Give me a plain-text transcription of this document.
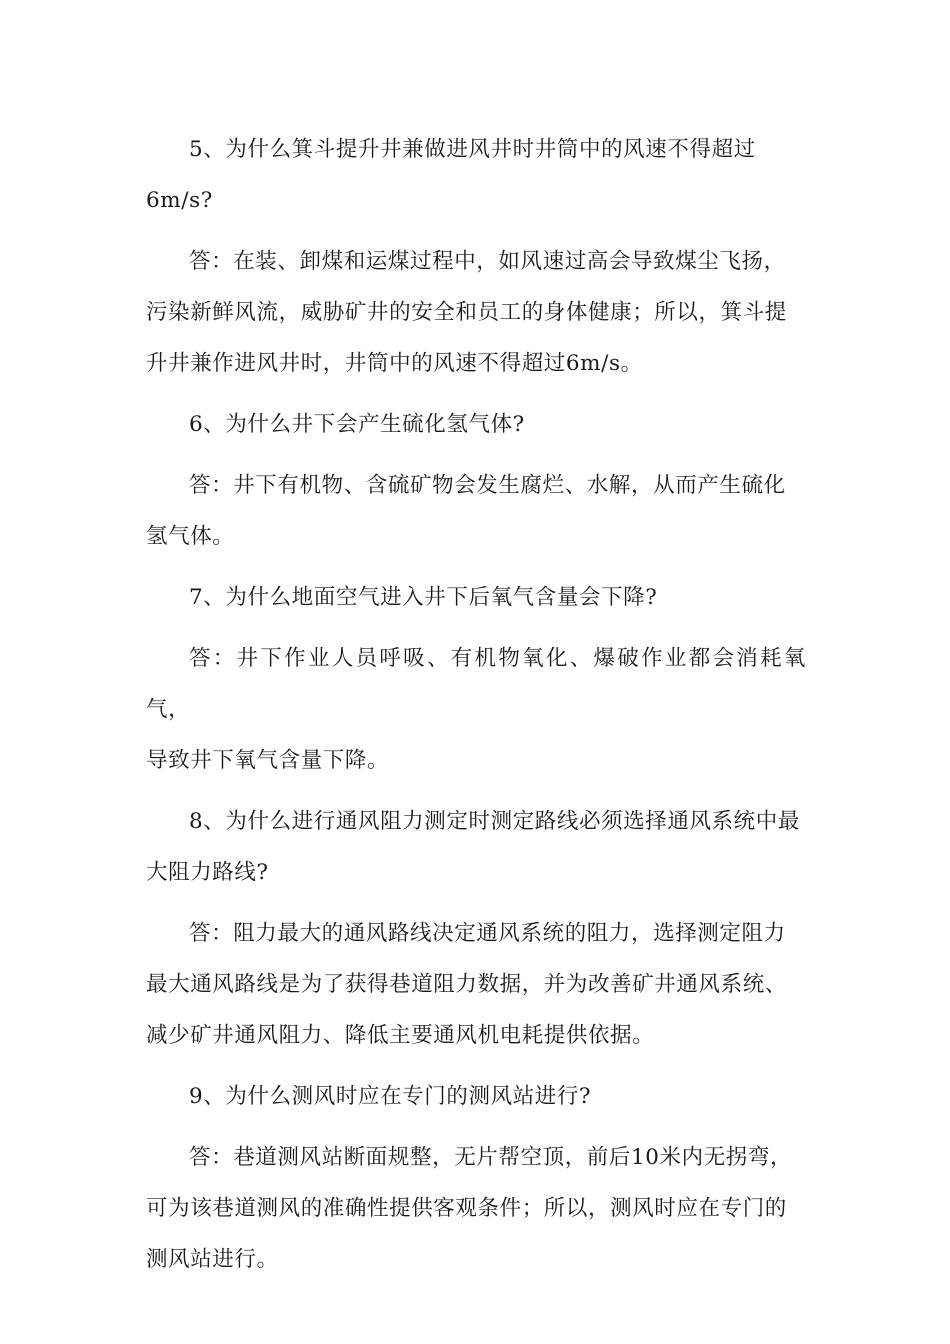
5、为什么箕斗提升井兼做进风井时井筒中的风速不得超过
6m/s?
答：在装、卸煤和运煤过程中，如风速过高会导致煤尘飞扬，
污染新鲜风流，威胁矿井的安全和员工的身体健康；所以，箕斗提
升井兼作进风井时，井筒中的风速不得超过6m/s。
6、为什么井下会产生硫化氢气体?
答：井下有机物、含硫矿物会发生腐烂、水解，从而产生硫化
氢气体。
7、为什么地面空气进入井下后氧气含量会下降?
答：井下作业人员呼吸、有机物氧化、爆破作业都会消耗氧气，
导致井下氧气含量下降。
8、为什么进行通风阻力测定时测定路线必须选择通风系统中最
大阻力路线?
答：阻力最大的通风路线决定通风系统的阻力，选择测定阻力
最大通风路线是为了获得巷道阻力数据，并为改善矿井通风系统、
减少矿井通风阻力、降低主要通风机电耗提供依据。
9、为什么测风时应在专门的测风站进行?
答：巷道测风站断面规整，无片帮空顶，前后10米内无拐弯，
可为该巷道测风的准确性提供客观条件；所以，测风时应在专门的
测风站进行。
